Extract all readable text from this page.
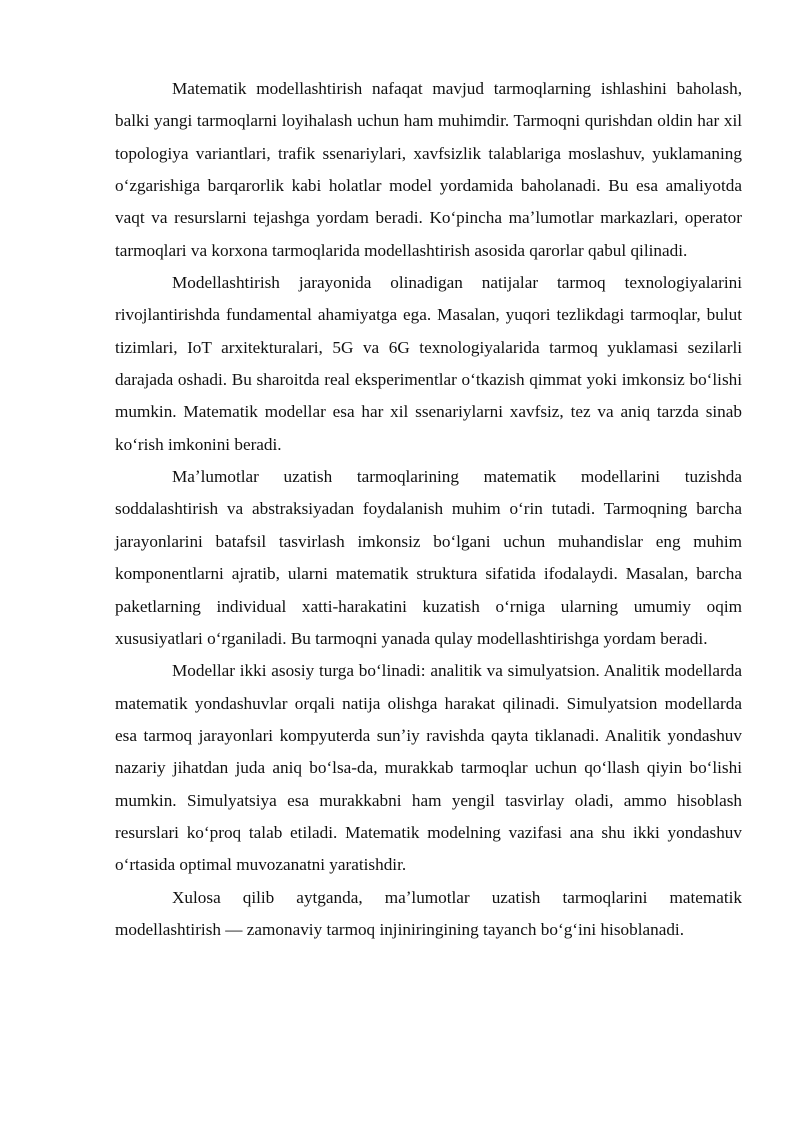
Matematik modellashtirish nafaqat mavjud tarmoqlarning ishlashini baholash, balki yangi tarmoqlarni loyihalash uchun ham muhimdir. Tarmoqni qurishdan oldin har xil topologiya variantlari, trafik ssenariylari, xavfsizlik talablariga moslashuv, yuklamaning oʻzgarishiga barqarorlik kabi holatlar model yordamida baholanadi. Bu esa amaliyotda vaqt va resurslarni tejashga yordam beradi. Koʻpincha maʼlumotlar markazlari, operator tarmoqlari va korxona tarmoqlarida modellashtirish asosida qarorlar qabul qilinadi.

Modellashtirish jarayonida olinadigan natijalar tarmoq texnologiyalarini rivojlantirishda fundamental ahamiyatga ega. Masalan, yuqori tezlikdagi tarmoqlar, bulut tizimlari, IoT arxitekturalari, 5G va 6G texnologiyalarida tarmoq yuklamasi sezilarli darajada oshadi. Bu sharoitda real eksperimentlar oʻtkazish qimmat yoki imkonsiz boʻlishi mumkin. Matematik modellar esa har xil ssenariylarni xavfsiz, tez va aniq tarzda sinab koʻrish imkonini beradi.

Maʼlumotlar uzatish tarmoqlarining matematik modellarini tuzishda soddalashtirish va abstraksiyadan foydalanish muhim oʻrin tutadi. Tarmoqning barcha jarayonlarini batafsil tasvirlash imkonsiz boʻlgani uchun muhandislar eng muhim komponentlarni ajratib, ularni matematik struktura sifatida ifodalaydi. Masalan, barcha paketlarning individual xatti-harakatini kuzatish oʻrniga ularning umumiy oqim xususiyatlari oʻrganiladi. Bu tarmoqni yanada qulay modellashtirishga yordam beradi.

Modellar ikki asosiy turga boʻlinadi: analitik va simulyatsion. Analitik modellarda matematik yondashuvlar orqali natija olishga harakat qilinadi. Simulyatsion modellarda esa tarmoq jarayonlari kompyuterda sunʼiy ravishda qayta tiklanadi. Analitik yondashuv nazariy jihatdan juda aniq boʻlsa-da, murakkab tarmoqlar uchun qoʻllash qiyin boʻlishi mumkin. Simulyatsiya esa murakkabni ham yengil tasvirlay oladi, ammo hisoblash resurslari koʻproq talab etiladi. Matematik modelning vazifasi ana shu ikki yondashuv oʻrtasida optimal muvozanatni yaratishdir.

Xulosa qilib aytganda, maʼlumotlar uzatish tarmoqlarini matematik modellashtirish — zamonaviy tarmoq injiniringining tayanch boʻgʻini hisoblanadi.
